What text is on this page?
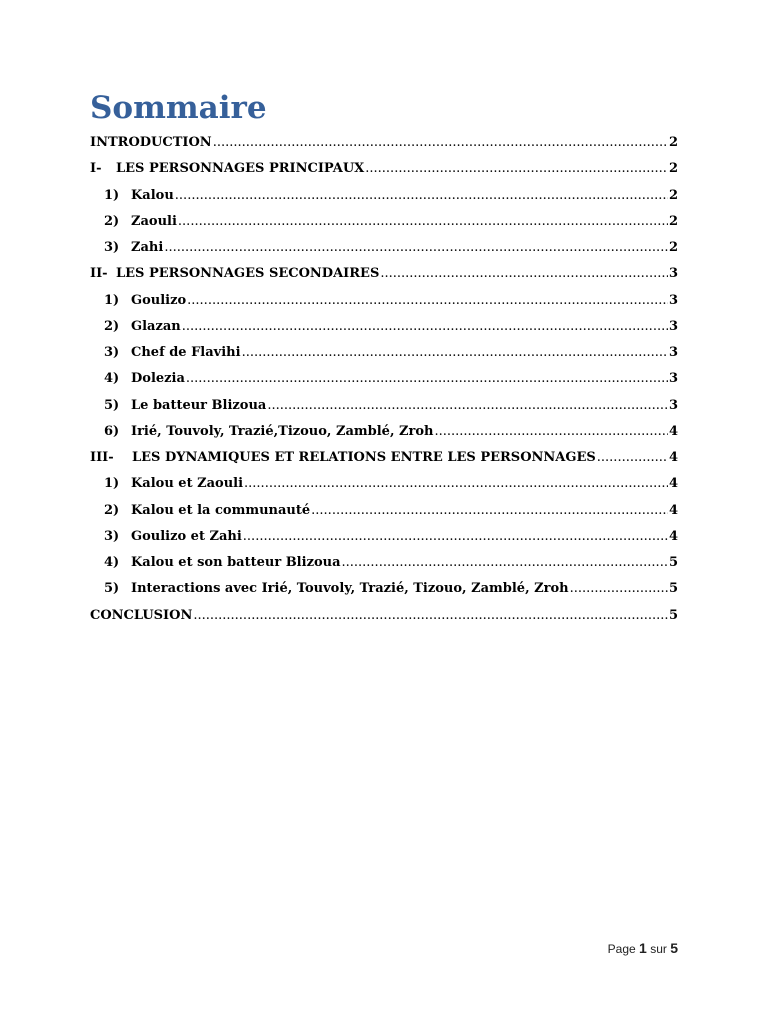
Sommaire
INTRODUCTION .....	2
I-	LES PERSONNAGES PRINCIPAUX .....	2
1) Kalou .....	2
2) Zaouli .....	2
3) Zahi .....	2
II- LES PERSONNAGES SECONDAIRES .....	3
1) Goulizo .....	3
2) Glazan .....	3
3) Chef de Flavihi .....	3
4) Dolezia .....	3
5) Le batteur Blizoua .....	3
6) Irié, Touvoly, Trazié,Tizouo, Zamblé, Zroh .....	4
III-	LES DYNAMIQUES ET RELATIONS ENTRE LES PERSONNAGES .....	4
1) Kalou et Zaouli .....	4
2) Kalou et la communauté .....	4
3) Goulizo et Zahi .....	4
4) Kalou et son batteur Blizoua .....	5
5) Interactions avec Irié, Touvoly, Trazié, Tizouo, Zamblé, Zroh .....	5
CONCLUSION .....	5
Page 1 sur 5
